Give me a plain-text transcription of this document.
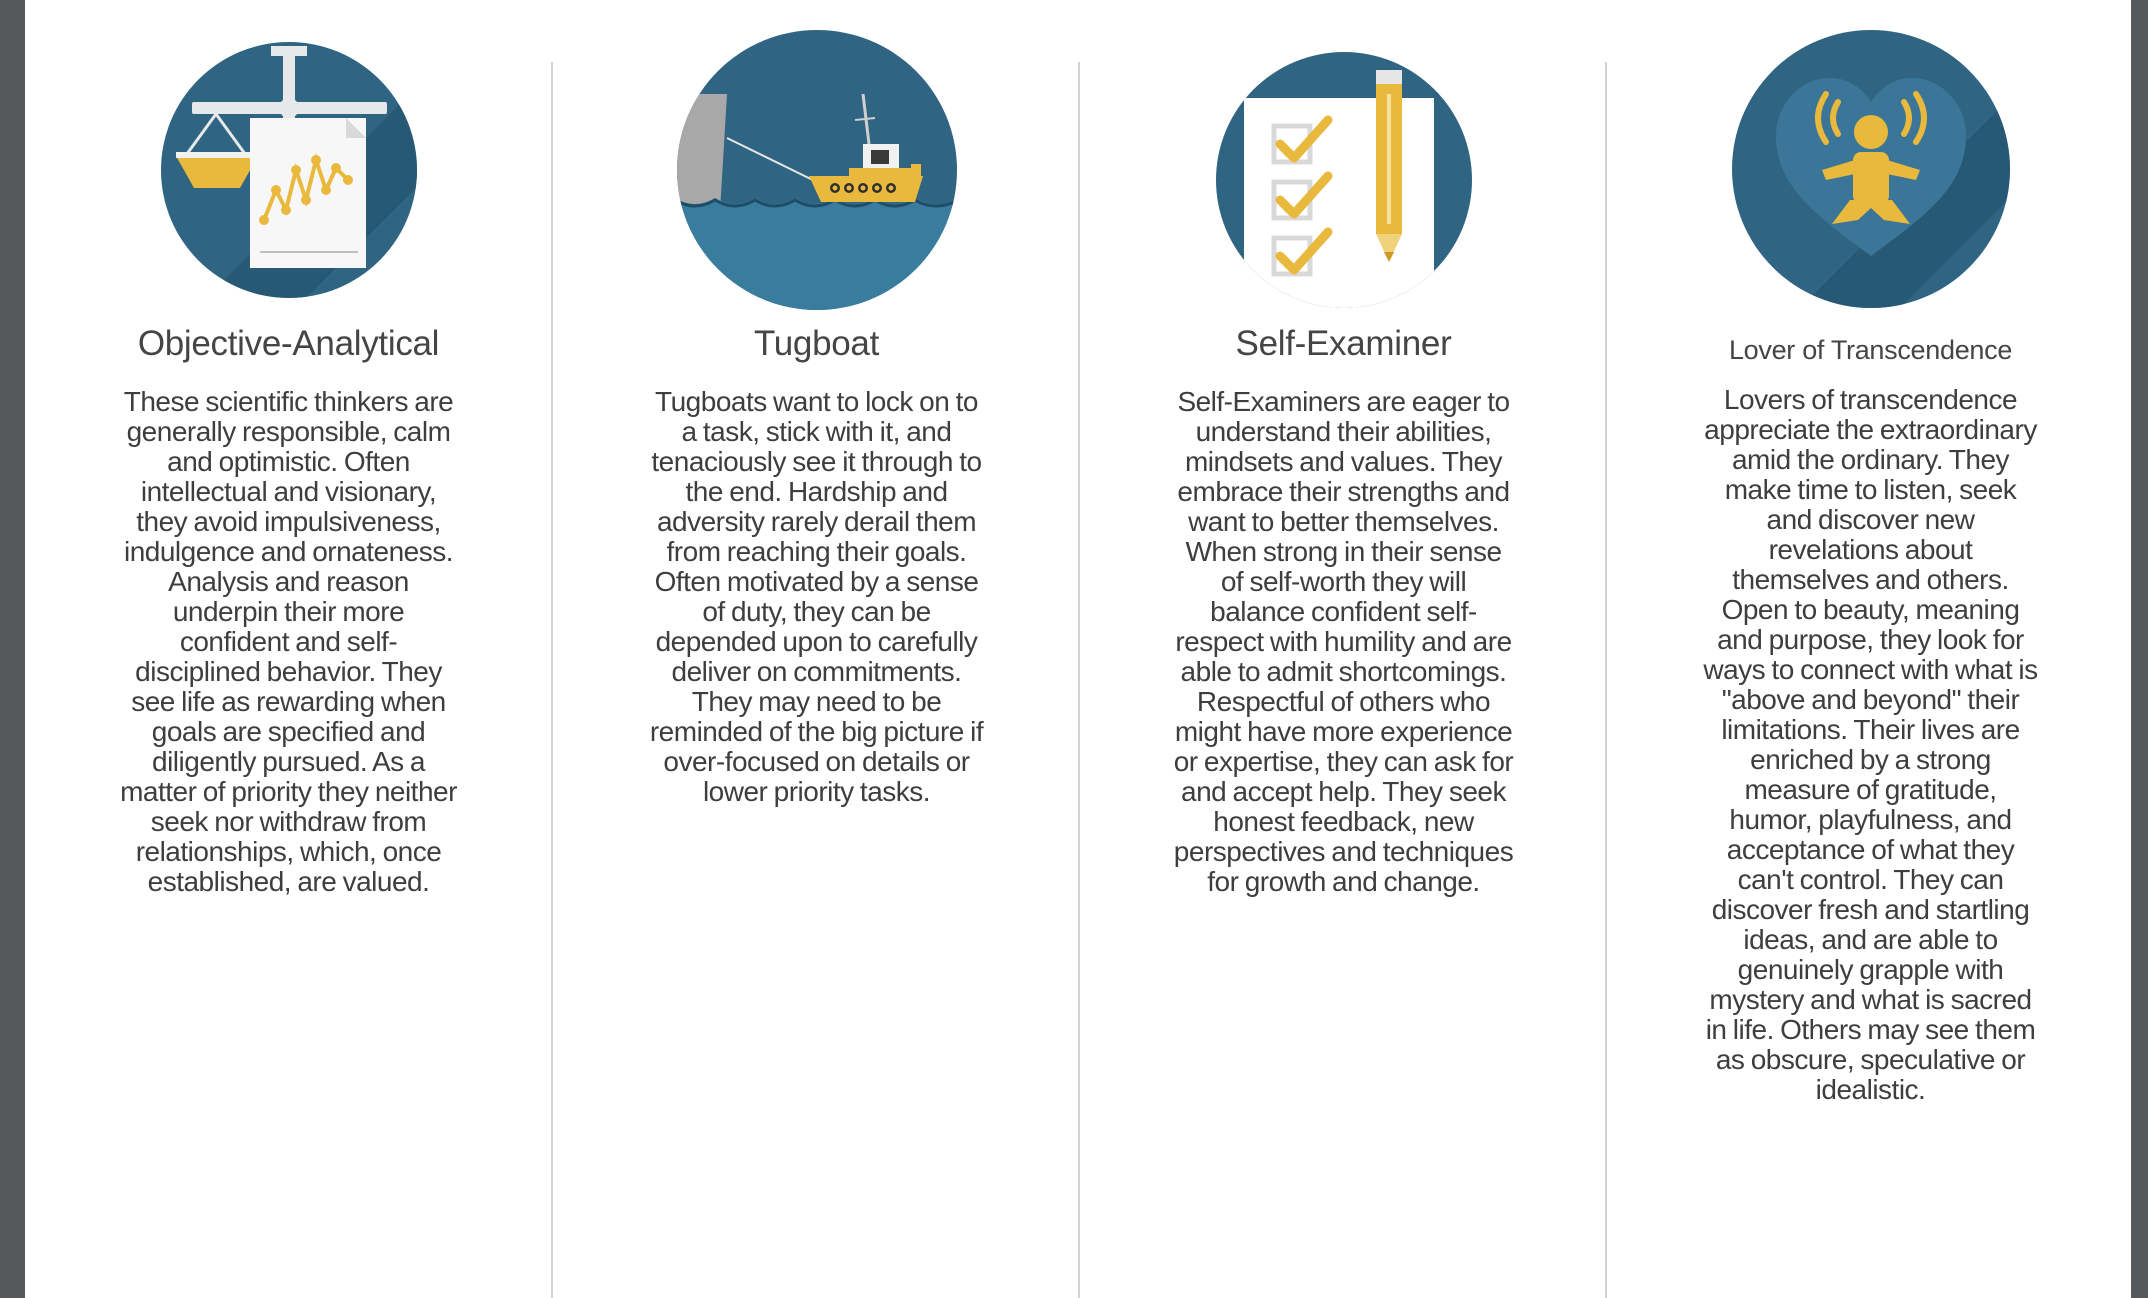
Objective-Analytical
These scientific thinkers are generally responsible, calm and optimistic. Often intellectual and visionary, they avoid impulsiveness, indulgence and ornateness. Analysis and reason underpin their more confident and self-disciplined behavior. They see life as rewarding when goals are specified and diligently pursued. As a matter of priority they neither seek nor withdraw from relationships, which, once established, are valued.
Tugboat
Tugboats want to lock on to a task, stick with it, and tenaciously see it through to the end. Hardship and adversity rarely derail them from reaching their goals. Often motivated by a sense of duty, they can be depended upon to carefully deliver on commitments. They may need to be reminded of the big picture if over-focused on details or lower priority tasks.
Self-Examiner
Self-Examiners are eager to understand their abilities, mindsets and values. They embrace their strengths and want to better themselves. When strong in their sense of self-worth they will balance confident self-respect with humility and are able to admit shortcomings. Respectful of others who might have more experience or expertise, they can ask for and accept help. They seek honest feedback, new perspectives and techniques for growth and change.
Lover of Transcendence
Lovers of transcendence appreciate the extraordinary amid the ordinary. They make time to listen, seek and discover new revelations about themselves and others. Open to beauty, meaning and purpose, they look for ways to connect with what is "above and beyond" their limitations. Their lives are enriched by a strong measure of gratitude, humor, playfulness, and acceptance of what they can't control. They can discover fresh and startling ideas, and are able to genuinely grapple with mystery and what is sacred in life. Others may see them as obscure, speculative or idealistic.
